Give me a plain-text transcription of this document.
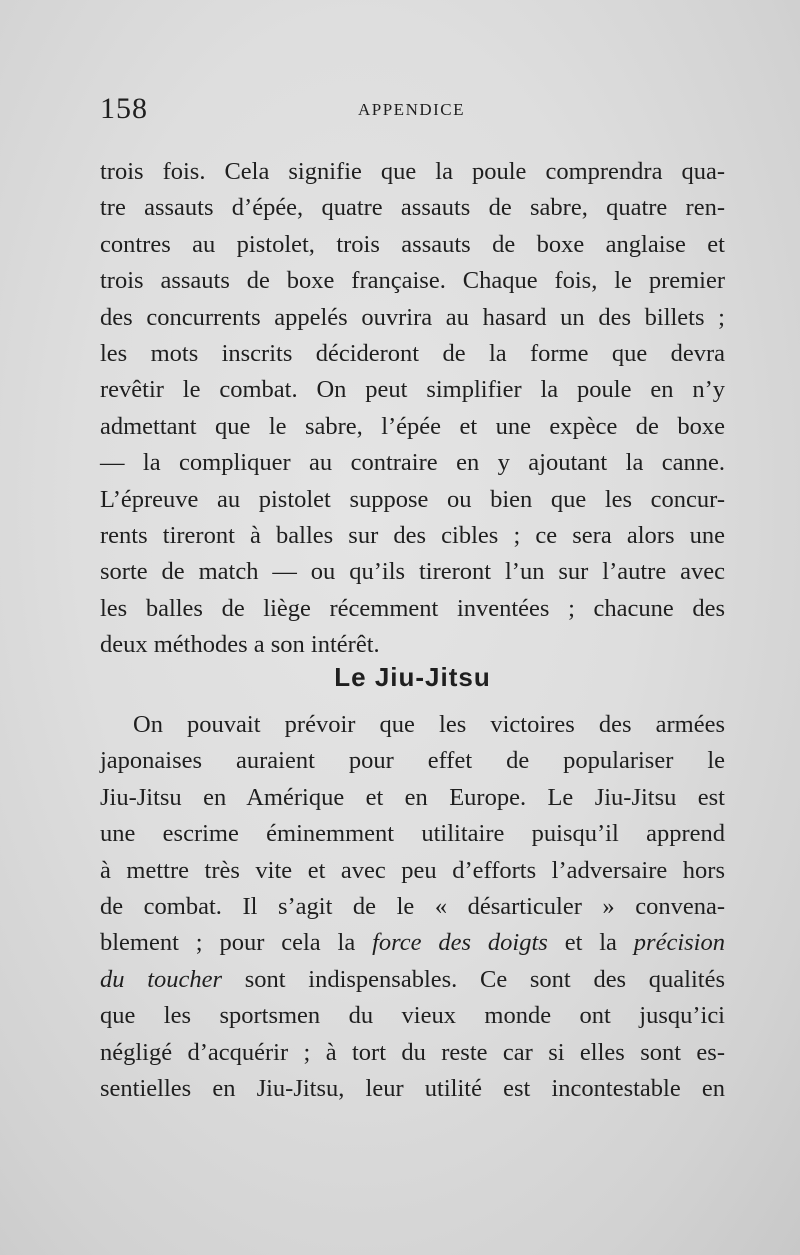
158	APPENDICE
trois fois. Cela signifie que la poule comprendra qua-
tre assauts d’épée, quatre assauts de sabre, quatre ren-
contres au pistolet, trois assauts de boxe anglaise et
trois assauts de boxe française. Chaque fois, le premier
des concurrents appelés ouvrira au hasard un des billets ;
les mots inscrits décideront de la forme que devra
revêtir le combat. On peut simplifier la poule en n’y
admettant que le sabre, l’épée et une expèce de boxe
— la compliquer au contraire en y ajoutant la canne.
L’épreuve au pistolet suppose ou bien que les concur-
rents tireront à balles sur des cibles ; ce sera alors une
sorte de match — ou qu’ils tireront l’un sur l’autre avec
les balles de liège récemment inventées ; chacune des
deux méthodes a son intérêt.
Le Jiu-Jitsu
On pouvait prévoir que les victoires des armées
japonaises auraient pour effet de populariser le
Jiu-Jitsu en Amérique et en Europe. Le Jiu-Jitsu est
une escrime éminemment utilitaire puisqu’il apprend
à mettre très vite et avec peu d’efforts l’adversaire hors
de combat. Il s’agit de le « désarticuler » convena-
blement ; pour cela la force des doigts et la précision
du toucher sont indispensables. Ce sont des qualités
que les sportsmen du vieux monde ont jusqu’ici
négligé d’acquérir ; à tort du reste car si elles sont es-
sentielles en Jiu-Jitsu, leur utilité est incontestable en
